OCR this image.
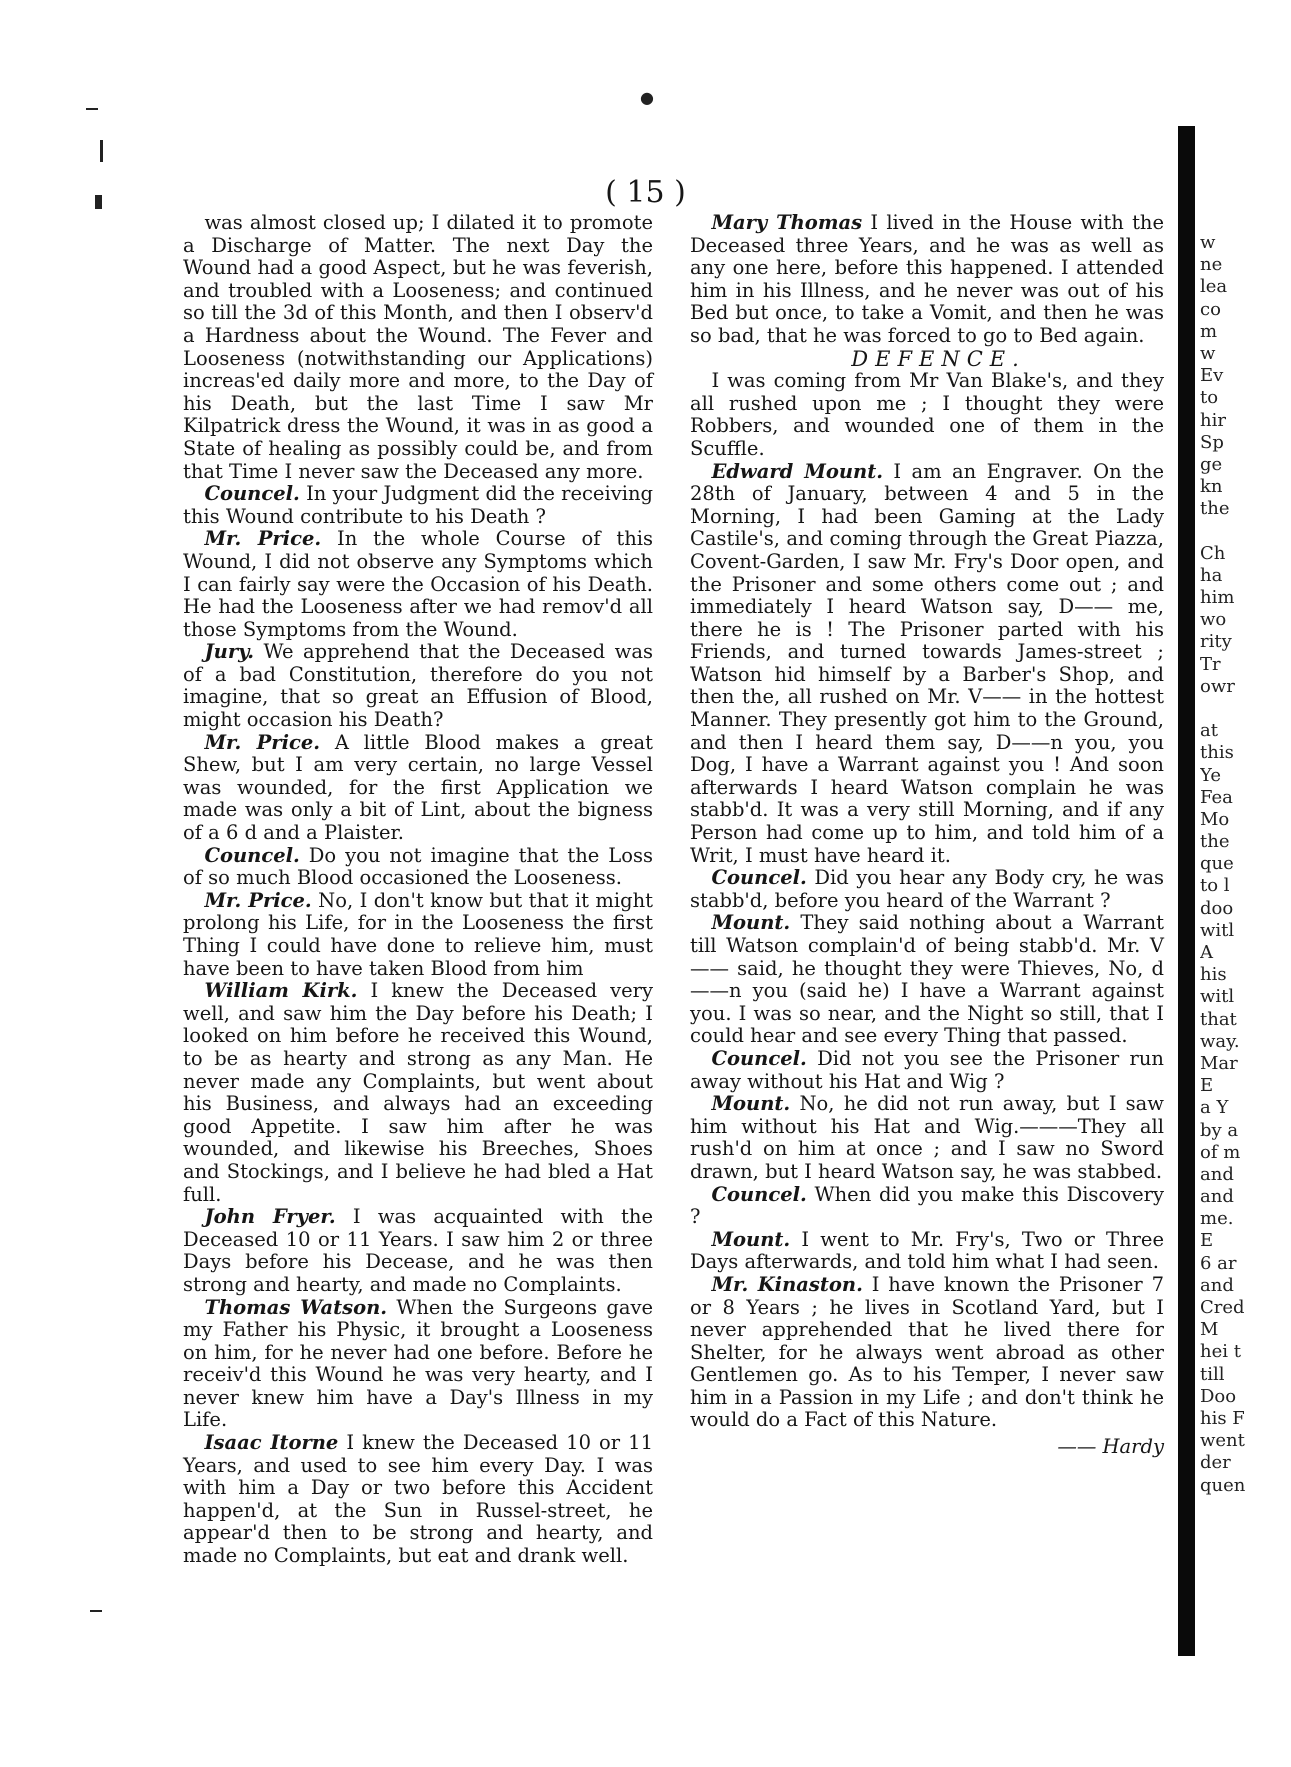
●
( 15 )

was almost closed up; I dilated it to promote a Discharge of Matter. The next Day the Wound had a good Aspect, but he was feverish, and troubled with a Looseness; and continued so till the 3d of this Month, and then I observ'd a Hardness about the Wound. The Fever and Looseness (notwithstanding our Applications) increas'ed daily more and more, to the Day of his Death, but the last Time I saw Mr Kilpatrick dress the Wound, it was in as good a State of healing as possibly could be, and from that Time I never saw the Deceased any more.

Councel. In your Judgment did the receiving this Wound contribute to his Death ?

Mr. Price. In the whole Course of this Wound, I did not observe any Symptoms which I can fairly say were the Occasion of his Death. He had the Looseness after we had remov'd all those Symptoms from the Wound.

Jury. We apprehend that the Deceased was of a bad Constitution, therefore do you not imagine, that so great an Effusion of Blood, might occasion his Death?

Mr. Price. A little Blood makes a great Shew, but I am very certain, no large Vessel was wounded, for the first Application we made was only a bit of Lint, about the bigness of a 6 d and a Plaister.

Councel. Do you not imagine that the Loss of so much Blood occasioned the Looseness.

Mr. Price. No, I don't know but that it might prolong his Life, for in the Looseness the first Thing I could have done to relieve him, must have been to have taken Blood from him

William Kirk. I knew the Deceased very well, and saw him the Day before his Death; I looked on him before he received this Wound, to be as hearty and strong as any Man. He never made any Complaints, but went about his Business, and always had an exceeding good Appetite. I saw him after he was wounded, and likewise his Breeches, Shoes and Stockings, and I believe he had bled a Hat full.

John Fryer. I was acquainted with the Deceased 10 or 11 Years. I saw him 2 or three Days before his Decease, and he was then strong and hearty, and made no Complaints.

Thomas Watson. When the Surgeons gave my Father his Physic, it brought a Looseness on him, for he never had one before. Before he receiv'd this Wound he was very hearty, and I never knew him have a Day's Illness in my Life.

Isaac Itorne I knew the Deceased 10 or 11 Years, and used to see him every Day. I was with him a Day or two before this Accident happen'd, at the Sun in Russel-street, he appear'd then to be strong and hearty, and made no Complaints, but eat and drank well.

Mary Thomas I lived in the House with the Deceased three Years, and he was as well as any one here, before this happened. I attended him in his Illness, and he never was out of his Bed but once, to take a Vomit, and then he was so bad, that he was forced to go to Bed again.

DEFENCE.

I was coming from Mr Van Blake's, and they all rushed upon me ; I thought they were Robbers, and wounded one of them in the Scuffle.

Edward Mount. I am an Engraver. On the 28th of January, between 4 and 5 in the Morning, I had been Gaming at the Lady Castile's, and coming through the Great Piazza, Covent-Garden, I saw Mr. Fry's Door open, and the Prisoner and some others come out ; and immediately I heard Watson say, D—— me, there he is ! The Prisoner parted with his Friends, and turned towards James-street ; Watson hid himself by a Barber's Shop, and then the, all rushed on Mr. V—— in the hottest Manner. They presently got him to the Ground, and then I heard them say, D——n you, you Dog, I have a Warrant against you ! And soon afterwards I heard Watson complain he was stabb'd. It was a very still Morning, and if any Person had come up to him, and told him of a Writ, I must have heard it.

Councel. Did you hear any Body cry, he was stabb'd, before you heard of the Warrant ?

Mount. They said nothing about a Warrant till Watson complain'd of being stabb'd. Mr. V—— said, he thought they were Thieves, No, d——n you (said he) I have a Warrant against you. I was so near, and the Night so still, that I could hear and see every Thing that passed.

Councel. Did not you see the Prisoner run away without his Hat and Wig ?

Mount. No, he did not run away, but I saw him without his Hat and Wig.———They all rush'd on him at once ; and I saw no Sword drawn, but I heard Watson say, he was stabbed.

Councel. When did you make this Discovery ?

Mount. I went to Mr. Fry's, Two or Three Days afterwards, and told him what I had seen.

Mr. Kinaston. I have known the Prisoner 7 or 8 Years ; he lives in Scotland Yard, but I never apprehended that he lived there for Shelter, for he always went abroad as other Gentlemen go. As to his Temper, I never saw him in a Passion in my Life ; and don't think he would do a Fact of this Nature.

—— Hardy
w
ne
lea
co
m
w
Ev
to
hir
Sp
ge
kn
the
Ch
ha
him
wo
rity
Tr
owr
at
this
Ye
Fea
Mo
the
que
to l
doo
witl
A
his
witl
that
way.
Mar
E
a Y
by a
of m
and
and
me.
E
6 ar
and
Cred
M
hei t
till
Doo
his F
went
der
quen
